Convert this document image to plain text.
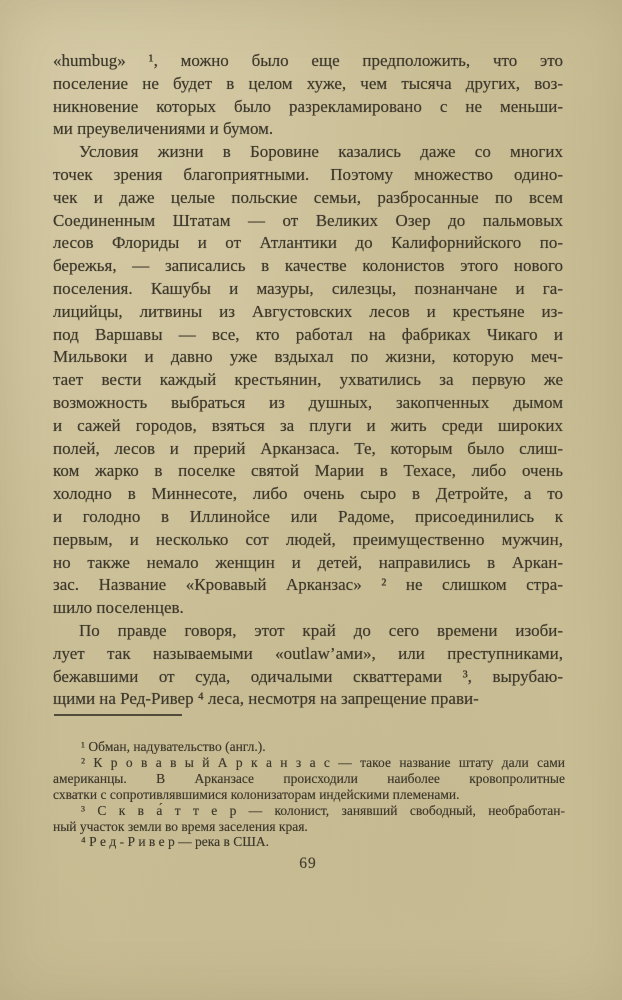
«humbug» ¹, можно было еще предположить, что это
поселение не будет в целом хуже, чем тысяча других, воз-
никновение которых было разрекламировано с не меньши-
ми преувеличениями и бумом.
Условия жизни в Боровине казались даже со многих
точек зрения благоприятными. Поэтому множество одино-
чек и даже целые польские семьи, разбросанные по всем
Соединенным Штатам — от Великих Озер до пальмовых
лесов Флориды и от Атлантики до Калифорнийского по-
бережья, — записались в качестве колонистов этого нового
поселения. Кашубы и мазуры, силезцы, познанчане и га-
лицийцы, литвины из Августовских лесов и крестьяне из-
под Варшавы — все, кто работал на фабриках Чикаго и
Мильвоки и давно уже вздыхал по жизни, которую меч-
тает вести каждый крестьянин, ухватились за первую же
возможность выбраться из душных, закопченных дымом
и сажей городов, взяться за плуги и жить среди широких
полей, лесов и прерий Арканзаса. Те, которым было слиш-
ком жарко в поселке святой Марии в Техасе, либо очень
холодно в Миннесоте, либо очень сыро в Детройте, а то
и голодно в Иллинойсе или Радоме, присоединились к
первым, и несколько сот людей, преимущественно мужчин,
но также немало женщин и детей, направились в Аркан-
зас. Название «Кровавый Арканзас» ² не слишком стра-
шило поселенцев.
По правде говоря, этот край до сего времени изоби-
лует так называемыми «outlaw’ами», или преступниками,
бежавшими от суда, одичалыми скваттерами ³, вырубаю-
щими на Ред-Ривер ⁴ леса, несмотря на запрещение прави-
¹ Обман, надувательство (англ.).
² К р о в а в ы й А р к а н з а с — такое название штату дали сами
американцы. В Арканзасе происходили наиболее кровопролитные
схватки с сопротивлявшимися колонизаторам индейскими племенами.
³ С к в а́ т т е р — колонист, занявший свободный, необработан-
ный участок земли во время заселения края.
⁴ Р е д - Р и в е р — река в США.
69
